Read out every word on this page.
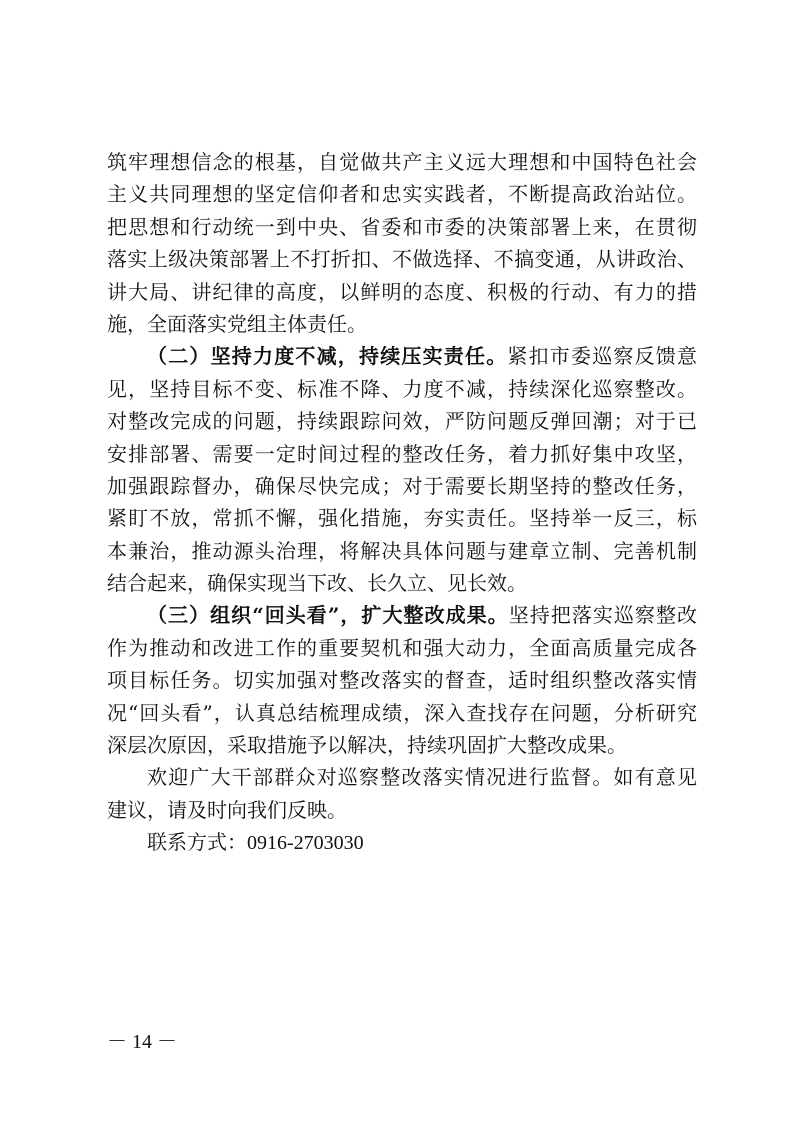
筑牢理想信念的根基，自觉做共产主义远大理想和中国特色社会
主义共同理想的坚定信仰者和忠实实践者，不断提高政治站位。
把思想和行动统一到中央、省委和市委的决策部署上来，在贯彻
落实上级决策部署上不打折扣、不做选择、不搞变通，从讲政治、
讲大局、讲纪律的高度，以鲜明的态度、积极的行动、有力的措
施，全面落实党组主体责任。
（二）坚持力度不减，持续压实责任。紧扣市委巡察反馈意
见，坚持目标不变、标准不降、力度不减，持续深化巡察整改。
对整改完成的问题，持续跟踪问效，严防问题反弹回潮；对于已
安排部署、需要一定时间过程的整改任务，着力抓好集中攻坚，
加强跟踪督办，确保尽快完成；对于需要长期坚持的整改任务，
紧盯不放，常抓不懈，强化措施，夯实责任。坚持举一反三，标
本兼治，推动源头治理，将解决具体问题与建章立制、完善机制
结合起来，确保实现当下改、长久立、见长效。
（三）组织“回头看”，扩大整改成果。坚持把落实巡察整改
作为推动和改进工作的重要契机和强大动力，全面高质量完成各
项目标任务。切实加强对整改落实的督查，适时组织整改落实情
况“回头看”，认真总结梳理成绩，深入查找存在问题，分析研究
深层次原因，采取措施予以解决，持续巩固扩大整改成果。
欢迎广大干部群众对巡察整改落实情况进行监督。如有意见
建议，请及时向我们反映。
联系方式：0916-2703030
－ 14 －
